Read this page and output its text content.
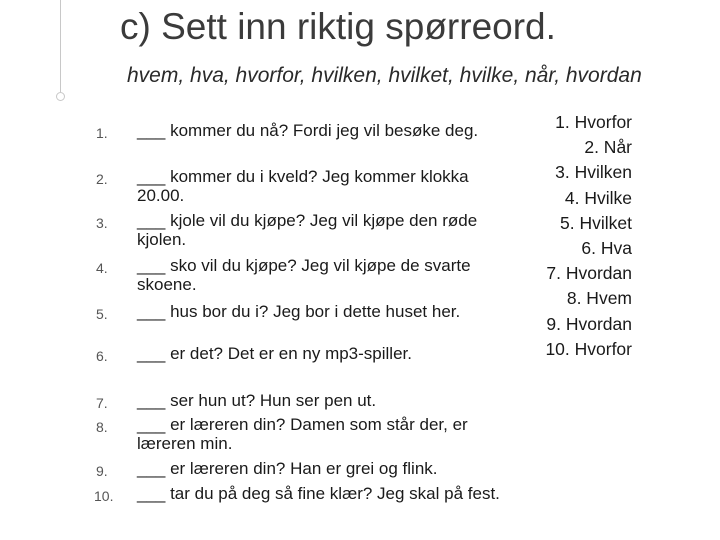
c) Sett inn riktig spørreord.
hvem, hva, hvorfor, hvilken, hvilket, hvilke, når, hvordan
1. ___ kommer du nå? Fordi jeg vil besøke deg.
2. ___ kommer du i kveld? Jeg kommer klokka 20.00.
3. ___ kjole vil du kjøpe? Jeg vil kjøpe den røde kjolen.
4. ___ sko vil du kjøpe? Jeg vil kjøpe de svarte skoene.
5. ___ hus bor du i? Jeg bor i dette huset her.
6. ___ er det? Det er en ny mp3-spiller.
7. ___ ser hun ut? Hun ser pen ut.
8. ___ er læreren din? Damen som står der, er læreren min.
9. ___ er læreren din? Han er grei og flink.
10. ___ tar du på deg så fine klær? Jeg skal på fest.
1. Hvorfor
2. Når
3. Hvilken
4. Hvilke
5. Hvilket
6. Hva
7. Hvordan
8. Hvem
9. Hvordan
10. Hvorfor
